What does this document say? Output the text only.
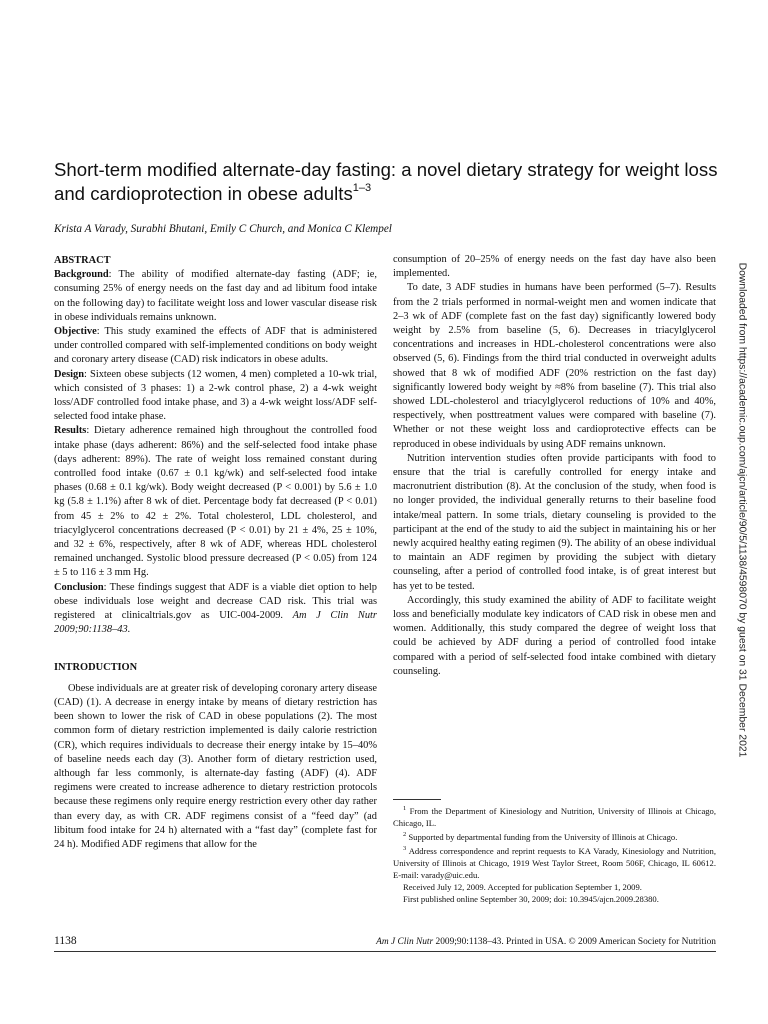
Short-term modified alternate-day fasting: a novel dietary strategy for weight loss and cardioprotection in obese adults$^{1-3}$
Krista A Varady, Surabhi Bhutani, Emily C Church, and Monica C Klempel

ABSTRACT

Background: The ability of modified alternate-day fasting (ADF; ie, consuming 25% of energy needs on the fast day and ad libitum food intake on the following day) to facilitate weight loss and lower vascular disease risk in obese individuals remains unknown.

Objective: This study examined the effects of ADF that is administered under controlled compared with self-implemented conditions on body weight and coronary artery disease (CAD) risk indicators in obese adults.

Design: Sixteen obese subjects (12 women, 4 men) completed a 10-wk trial, which consisted of 3 phases: 1) a 2-wk control phase, 2) a 4-wk weight loss/ADF controlled food intake phase, and 3) a 4-wk weight loss/ADF self-selected food intake phase.

Results: Dietary adherence remained high throughout the controlled food intake phase (days adherent: 86%) and the self-selected food intake phase (days adherent: 89%). The rate of weight loss remained constant during controlled food intake (0.67 ± 0.1 kg/wk) and self-selected food intake phases (0.68 ± 0.1 kg/wk). Body weight decreased (P < 0.001) by 5.6 ± 1.0 kg (5.8 ± 1.1%) after 8 wk of diet. Percentage body fat decreased (P < 0.01) from 45 ± 2% to 42 ± 2%. Total cholesterol, LDL cholesterol, and triacylglycerol concentrations decreased (P < 0.01) by 21 ± 4%, 25 ± 10%, and 32 ± 6%, respectively, after 8 wk of ADF, whereas HDL cholesterol remained unchanged. Systolic blood pressure decreased (P < 0.05) from 124 ± 5 to 116 ± 3 mm Hg.

Conclusion: These findings suggest that ADF is a viable diet option to help obese individuals lose weight and decrease CAD risk. This trial was registered at clinicaltrials.gov as UIC-004-2009. Am J Clin Nutr 2009;90:1138–43.

INTRODUCTION

Obese individuals are at greater risk of developing coronary artery disease (CAD) (1). A decrease in energy intake by means of dietary restriction has been shown to lower the risk of CAD in obese populations (2). The most common form of dietary restriction implemented is daily calorie restriction (CR), which requires individuals to decrease their energy intake by 15–40% of baseline needs each day (3). Another form of dietary restriction used, although far less commonly, is alternate-day fasting (ADF) (4). ADF regimens were created to increase adherence to dietary restriction protocols because these regimens only require energy restriction every other day rather than every day, as with CR. ADF regimens consist of a “feed day” (ad libitum food intake for 24 h) alternated with a “fast day” (complete fast for 24 h). Modified ADF regimens that allow for the

consumption of 20–25% of energy needs on the fast day have also been implemented.

To date, 3 ADF studies in humans have been performed (5–7). Results from the 2 trials performed in normal-weight men and women indicate that 2–3 wk of ADF (complete fast on the fast day) significantly lowered body weight by 2.5% from baseline (5, 6). Decreases in triacylglycerol concentrations and increases in HDL-cholesterol concentrations were also observed (5, 6). Findings from the third trial conducted in overweight adults showed that 8 wk of modified ADF (20% restriction on the fast day) significantly lowered body weight by ≈8% from baseline (7). This trial also showed LDL-cholesterol and triacylglycerol reductions of 10% and 40%, respectively, when posttreatment values were compared with baseline (7). Whether or not these weight loss and cardioprotective effects can be reproduced in obese individuals by using ADF remains unknown.

Nutrition intervention studies often provide participants with food to ensure that the trial is carefully controlled for energy intake and macronutrient distribution (8). At the conclusion of the study, when food is no longer provided, the individual generally returns to their baseline food intake/meal pattern. In some trials, dietary counseling is provided to the participant at the end of the study to aid the subject in maintaining his or her newly acquired healthy eating regimen (9). The ability of an obese individual to maintain an ADF regimen by providing the subject with dietary counseling, after a period of controlled food intake, is of great interest but has yet to be tested.

Accordingly, this study examined the ability of ADF to facilitate weight loss and beneficially modulate key indicators of CAD risk in obese men and women. Additionally, this study compared the degree of weight loss that could be achieved by ADF during a period of controlled food intake compared with a period of self-selected food intake combined with dietary counseling.

$^1$ From the Department of Kinesiology and Nutrition, University of Illinois at Chicago, Chicago, IL.

$^2$ Supported by departmental funding from the University of Illinois at Chicago.

$^3$ Address correspondence and reprint requests to KA Varady, Kinesiology and Nutrition, University of Illinois at Chicago, 1919 West Taylor Street, Room 506F, Chicago, IL 60612. E-mail: varady@uic.edu.

Received July 12, 2009. Accepted for publication September 1, 2009.

First published online September 30, 2009; doi: 10.3945/ajcn.2009.28380.

1138	Am J Clin Nutr 2009;90:1138–43. Printed in USA. © 2009 American Society for Nutrition
Downloaded from https://academic.oup.com/ajcn/article/90/5/1138/4598070 by guest on 31 December 2021
